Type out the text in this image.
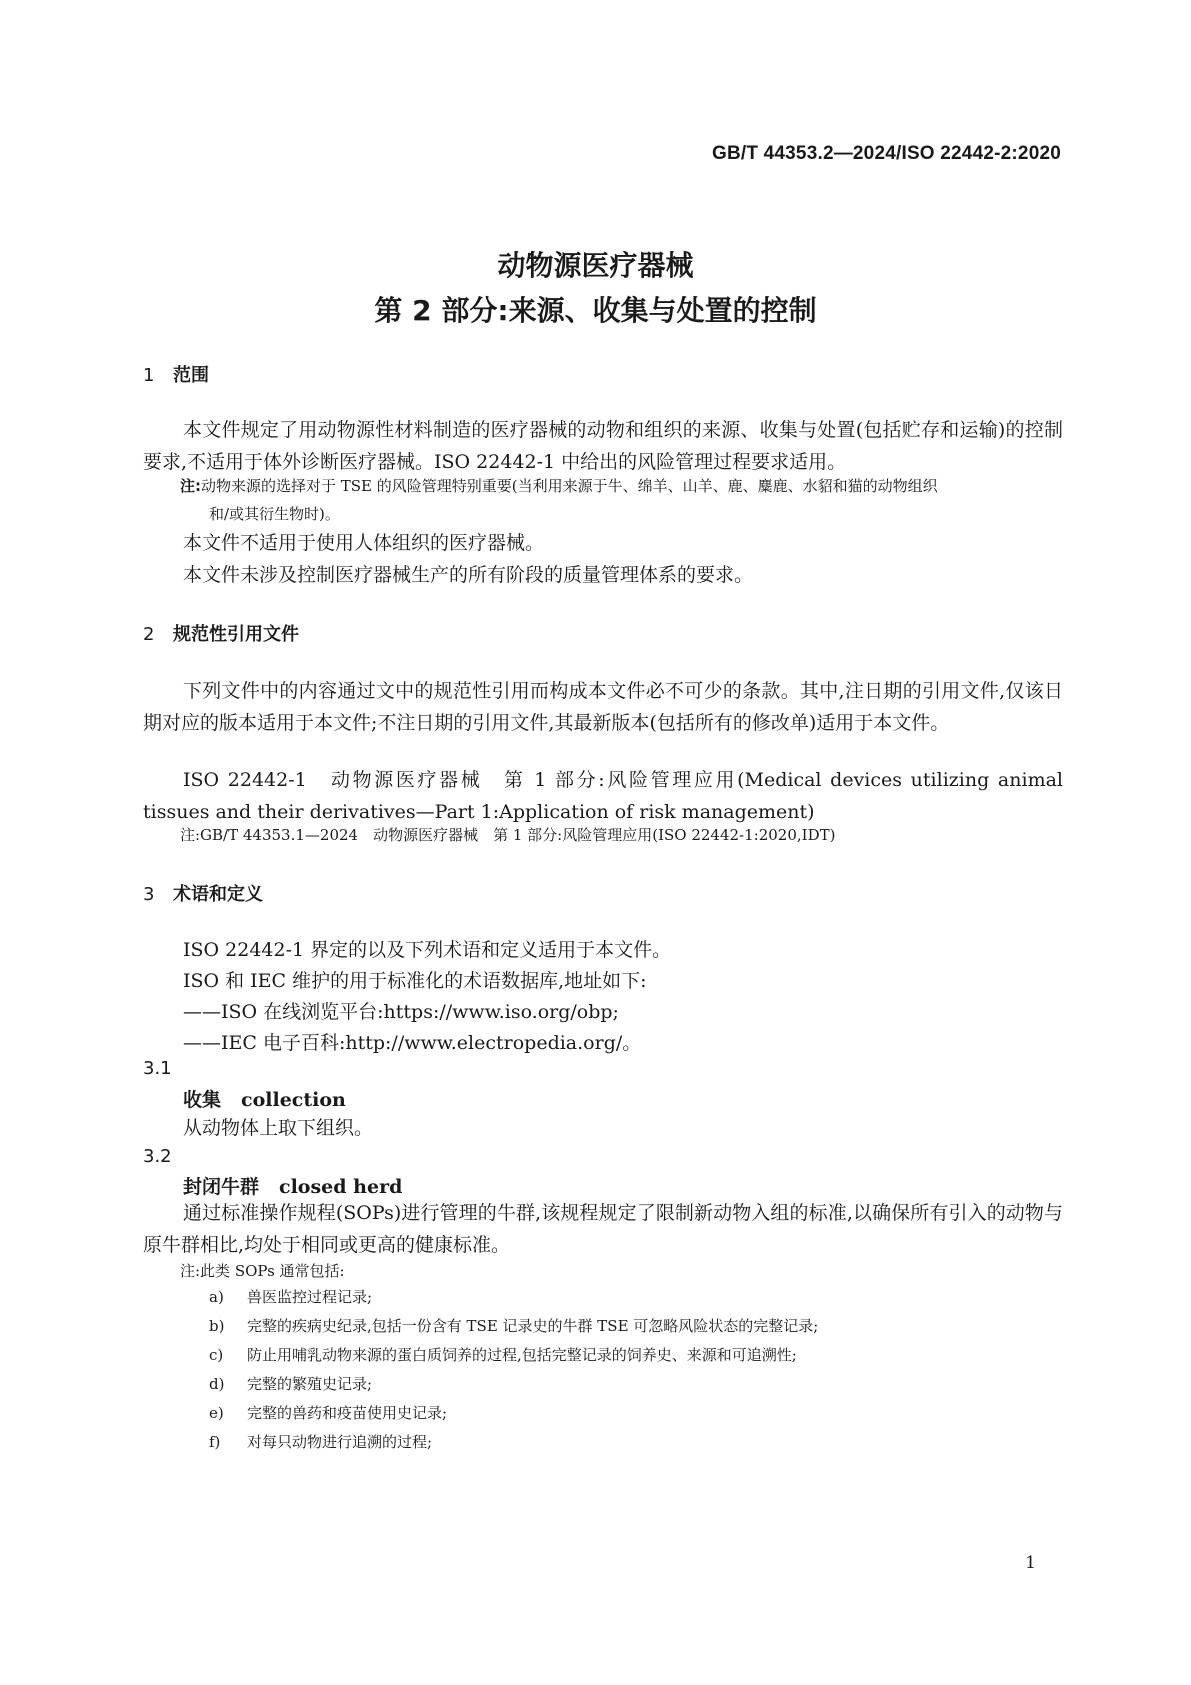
GB/T 44353.2—2024/ISO 22442-2:2020
动物源医疗器械
第 2 部分:来源、收集与处置的控制
1 范围
本文件规定了用动物源性材料制造的医疗器械的动物和组织的来源、收集与处置(包括贮存和运输)的控制要求,不适用于体外诊断医疗器械。ISO 22442-1 中给出的风险管理过程要求适用。
注:动物来源的选择对于 TSE 的风险管理特别重要(当利用来源于牛、绵羊、山羊、鹿、麋鹿、水貂和猫的动物组织
和/或其衍生物时)。
本文件不适用于使用人体组织的医疗器械。
本文件未涉及控制医疗器械生产的所有阶段的质量管理体系的要求。
2 规范性引用文件
下列文件中的内容通过文中的规范性引用而构成本文件必不可少的条款。其中,注日期的引用文件,仅该日期对应的版本适用于本文件;不注日期的引用文件,其最新版本(包括所有的修改单)适用于本文件。
ISO 22442-1　动物源医疗器械　第 1 部分:风险管理应用(Medical devices utilizing animal tissues and their derivatives—Part 1:Application of risk management)
注:GB/T 44353.1—2024　动物源医疗器械　第 1 部分:风险管理应用(ISO 22442-1:2020,IDT)
3 术语和定义
ISO 22442-1 界定的以及下列术语和定义适用于本文件。
ISO 和 IEC 维护的用于标准化的术语数据库,地址如下:
——ISO 在线浏览平台:https://www.iso.org/obp;
——IEC 电子百科:http://www.electropedia.org/。
3.1
收集 collection
从动物体上取下组织。
3.2
封闭牛群 closed herd
通过标准操作规程(SOPs)进行管理的牛群,该规程规定了限制新动物入组的标准,以确保所有引入的动物与原牛群相比,均处于相同或更高的健康标准。
注:此类 SOPs 通常包括:
a) 兽医监控过程记录;
b) 完整的疾病史纪录,包括一份含有 TSE 记录史的牛群 TSE 可忽略风险状态的完整记录;
c) 防止用哺乳动物来源的蛋白质饲养的过程,包括完整记录的饲养史、来源和可追溯性;
d) 完整的繁殖史记录;
e) 完整的兽药和疫苗使用史记录;
f) 对每只动物进行追溯的过程;
1
